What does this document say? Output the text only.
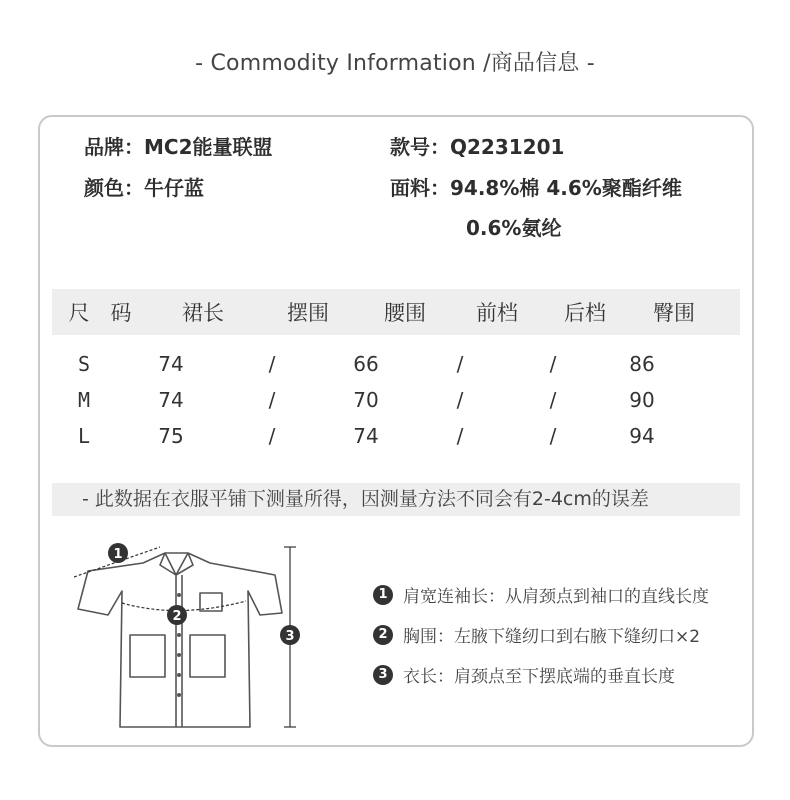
- Commodity Information /商品信息 -
品牌：MC2能量联盟	款号：Q2231201
颜色：牛仔蓝	面料：94.8%棉 4.6%聚酯纤维
0.6%氨纶
尺　码	裙长	摆围	腰围	前档	后档	臀围
S	74	/	66	/	/	86
M	74	/	70	/	/	90
L	75	/	74	/	/	94
- 此数据在衣服平铺下测量所得，因测量方法不同会有2-4cm的误差
1
2
3
1 肩宽连袖长：从肩颈点到袖口的直线长度
2 胸围：左腋下缝纫口到右腋下缝纫口×2
3 衣长：肩颈点至下摆底端的垂直长度
